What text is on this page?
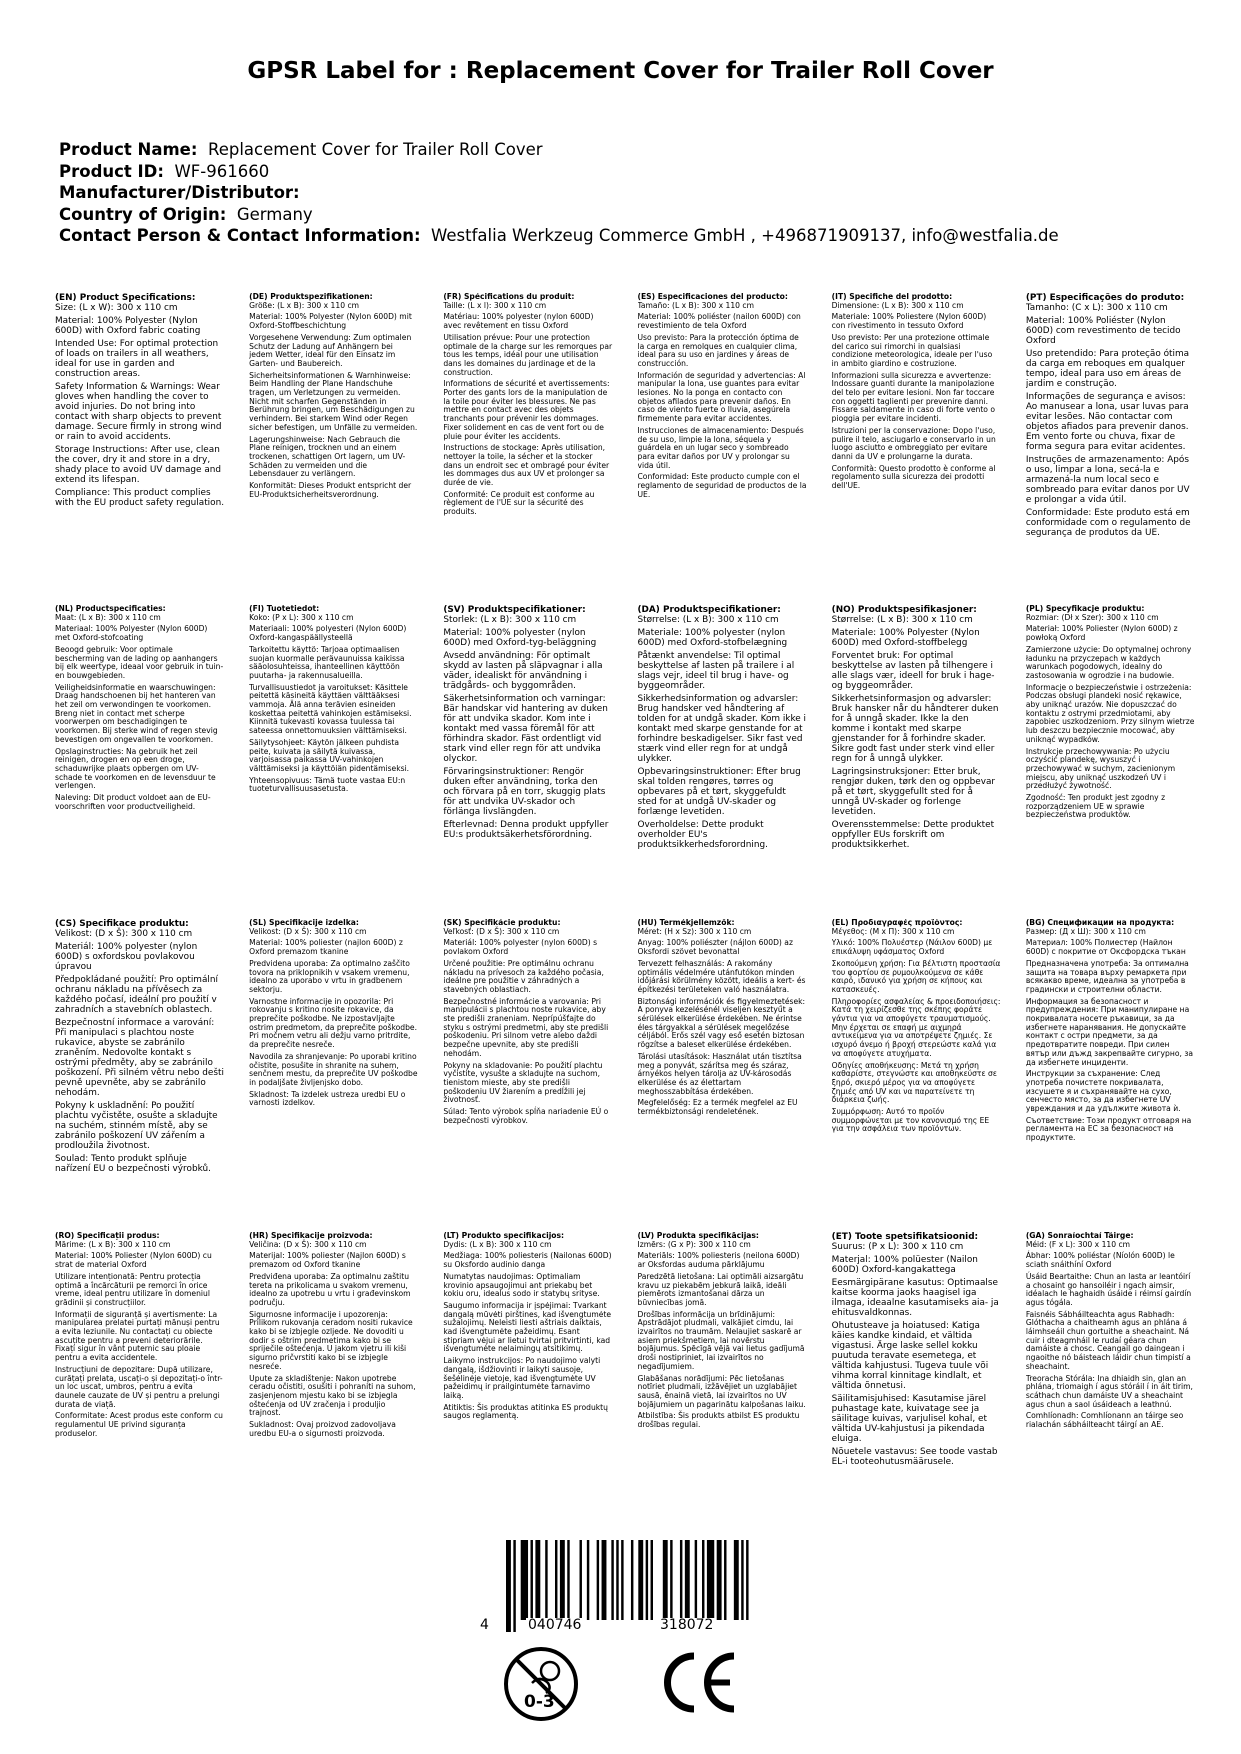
GPSR Label for : Replacement Cover for Trailer Roll Cover
Product Name: Replacement Cover for Trailer Roll Cover
Product ID: WF-961660
Manufacturer/Distributor:
Country of Origin: Germany
Contact Person & Contact Information: Westfalia Werkzeug Commerce GmbH , +496871909137, info@westfalia.de
(EN) Product Specifications:

Size: (L x W): 300 x 110 cm

Material: 100% Polyester (Nylon 600D) with Oxford fabric coating

Intended Use: For optimal protection of loads on trailers in all weathers, ideal for use in garden and construction areas.

Safety Information & Warnings: Wear gloves when handling the cover to avoid injuries. Do not bring into contact with sharp objects to prevent damage. Secure firmly in strong wind or rain to avoid accidents.

Storage Instructions: After use, clean the cover, dry it and store in a dry, shady place to avoid UV damage and extend its lifespan.

Compliance: This product complies with the EU product safety regulation.

(DE) Produktspezifikationen:

Größe: (L x B): 300 x 110 cm

Material: 100% Polyester (Nylon 600D) mit Oxford-Stoffbeschichtung

Vorgesehene Verwendung: Zum optimalen Schutz der Ladung auf Anhängern bei jedem Wetter, ideal für den Einsatz im Garten- und Baubereich.

Sicherheitsinformationen & Warnhinweise: Beim Handling der Plane Handschuhe tragen, um Verletzungen zu vermeiden. Nicht mit scharfen Gegenständen in Berührung bringen, um Beschädigungen zu verhindern. Bei starkem Wind oder Regen sicher befestigen, um Unfälle zu vermeiden.

Lagerungshinweise: Nach Gebrauch die Plane reinigen, trocknen und an einem trockenen, schattigen Ort lagern, um UV-Schäden zu vermeiden und die Lebensdauer zu verlängern.

Konformität: Dieses Produkt entspricht der EU-Produktsicherheitsverordnung.

(FR) Spécifications du produit:

Taille: (L x l): 300 x 110 cm

Matériau: 100% polyester (nylon 600D) avec revêtement en tissu Oxford

Utilisation prévue: Pour une protection optimale de la charge sur les remorques par tous les temps, idéal pour une utilisation dans les domaines du jardinage et de la construction.

Informations de sécurité et avertissements: Porter des gants lors de la manipulation de la toile pour éviter les blessures. Ne pas mettre en contact avec des objets tranchants pour prévenir les dommages. Fixer solidement en cas de vent fort ou de pluie pour éviter les accidents.

Instructions de stockage: Après utilisation, nettoyer la toile, la sécher et la stocker dans un endroit sec et ombragé pour éviter les dommages dus aux UV et prolonger sa durée de vie.

Conformité: Ce produit est conforme au règlement de l'UE sur la sécurité des produits.

(ES) Especificaciones del producto:

Tamaño: (L x B): 300 x 110 cm

Material: 100% poliéster (nailon 600D) con revestimiento de tela Oxford

Uso previsto: Para la protección óptima de la carga en remolques en cualquier clima, ideal para su uso en jardines y áreas de construcción.

Información de seguridad y advertencias: Al manipular la lona, use guantes para evitar lesiones. No la ponga en contacto con objetos afilados para prevenir daños. En caso de viento fuerte o lluvia, asegúrela firmemente para evitar accidentes.

Instrucciones de almacenamiento: Después de su uso, limpie la lona, séquela y guárdela en un lugar seco y sombreado para evitar daños por UV y prolongar su vida útil.

Conformidad: Este producto cumple con el reglamento de seguridad de productos de la UE.

(IT) Specifiche del prodotto:

Dimensione: (L x B): 300 x 110 cm

Materiale: 100% Poliestere (Nylon 600D) con rivestimento in tessuto Oxford

Uso previsto: Per una protezione ottimale del carico sui rimorchi in qualsiasi condizione meteorologica, ideale per l'uso in ambito giardino e costruzione.

Informazioni sulla sicurezza e avvertenze: Indossare guanti durante la manipolazione del telo per evitare lesioni. Non far toccare con oggetti taglienti per prevenire danni. Fissare saldamente in caso di forte vento o pioggia per evitare incidenti.

Istruzioni per la conservazione: Dopo l'uso, pulire il telo, asciugarlo e conservarlo in un luogo asciutto e ombreggiato per evitare danni da UV e prolungarne la durata.

Conformità: Questo prodotto è conforme al regolamento sulla sicurezza dei prodotti dell'UE.

(PT) Especificações do produto:

Tamanho: (C x L): 300 x 110 cm

Material: 100% Poliéster (Nylon 600D) com revestimento de tecido Oxford

Uso pretendido: Para proteção ótima da carga em reboques em qualquer tempo, ideal para uso em áreas de jardim e construção.

Informações de segurança e avisos: Ao manusear a lona, usar luvas para evitar lesões. Não contactar com objetos afiados para prevenir danos. Em vento forte ou chuva, fixar de forma segura para evitar acidentes.

Instruções de armazenamento: Após o uso, limpar a lona, secá-la e armazená-la num local seco e sombreado para evitar danos por UV e prolongar a vida útil.

Conformidade: Este produto está em conformidade com o regulamento de segurança de produtos da UE.

(NL) Productspecificaties:

Maat: (L x B): 300 x 110 cm

Materiaal: 100% Polyester (Nylon 600D) met Oxford-stofcoating

Beoogd gebruik: Voor optimale bescherming van de lading op aanhangers bij elk weertype, ideaal voor gebruik in tuin- en bouwgebieden.

Veiligheidsinformatie en waarschuwingen: Draag handschoenen bij het hanteren van het zeil om verwondingen te voorkomen. Breng niet in contact met scherpe voorwerpen om beschadigingen te voorkomen. Bij sterke wind of regen stevig bevestigen om ongevallen te voorkomen.

Opslaginstructies: Na gebruik het zeil reinigen, drogen en op een droge, schaduwrijke plaats opbergen om UV-schade te voorkomen en de levensduur te verlengen.

Naleving: Dit product voldoet aan de EU-voorschriften voor productveiligheid.

(FI) Tuotetiedot:

Koko: (P x L): 300 x 110 cm

Materiaali: 100% polyesteri (Nylon 600D) Oxford-kangaspäällysteellä

Tarkoitettu käyttö: Tarjoaa optimaalisen suojan kuormalle perävaunuissa kaikissa sääolosuhteissa, ihanteellinen käyttöön puutarha- ja rakennusalueilla.

Turvallisuustiedot ja varoitukset: Käsittele peitettä käsineitä käyttäen välttääksesi vammoja. Älä anna terävien esineiden koskettaa peitettä vahinkojen estämiseksi. Kiinnitä tukevasti kovassa tuulessa tai sateessa onnettomuuksien välttämiseksi.

Säilytysohjeet: Käytön jälkeen puhdista peite, kuivata ja säilytä kuivassa, varjoisassa paikassa UV-vahinkojen välttämiseksi ja käyttöiän pidentämiseksi.

Yhteensopivuus: Tämä tuote vastaa EU:n tuoteturvallisuusasetusta.

(SV) Produktspecifikationer:

Storlek: (L x B): 300 x 110 cm

Material: 100% polyester (nylon 600D) med Oxford-tyg-beläggning

Avsedd användning: För optimalt skydd av lasten på släpvagnar i alla väder, idealiskt för användning i trädgårds- och byggområden.

Säkerhetsinformation och varningar: Bär handskar vid hantering av duken för att undvika skador. Kom inte i kontakt med vassa föremål för att förhindra skador. Fäst ordentligt vid stark vind eller regn för att undvika olyckor.

Förvaringsinstruktioner: Rengör duken efter användning, torka den och förvara på en torr, skuggig plats för att undvika UV-skador och förlänga livslängden.

Efterlevnad: Denna produkt uppfyller EU:s produktsäkerhetsförordning.

(DA) Produktspecifikationer:

Størrelse: (L x B): 300 x 110 cm

Materiale: 100% polyester (nylon 600D) med Oxford-stofbelægning

Påtænkt anvendelse: Til optimal beskyttelse af lasten på trailere i al slags vejr, ideel til brug i have- og byggeområder.

Sikkerhedsinformation og advarsler: Brug handsker ved håndtering af tolden for at undgå skader. Kom ikke i kontakt med skarpe genstande for at forhindre beskadigelser. Sikr fast ved stærk vind eller regn for at undgå ulykker.

Opbevaringsinstruktioner: Efter brug skal tolden rengøres, tørres og opbevares på et tørt, skyggefuldt sted for at undgå UV-skader og forlænge levetiden.

Overholdelse: Dette produkt overholder EU's produktsikkerhedsforordning.

(NO) Produktspesifikasjoner:

Størrelse: (L x B): 300 x 110 cm

Materiale: 100% Polyester (Nylon 600D) med Oxford-stoffbelegg

Forventet bruk: For optimal beskyttelse av lasten på tilhengere i alle slags vær, ideell for bruk i hage- og byggeområder.

Sikkerhetsinformasjon og advarsler: Bruk hansker når du håndterer duken for å unngå skader. Ikke la den komme i kontakt med skarpe gjenstander for å forhindre skader. Sikre godt fast under sterk vind eller regn for å unngå ulykker.

Lagringsinstruksjoner: Etter bruk, rengjør duken, tørk den og oppbevar på et tørt, skyggefullt sted for å unngå UV-skader og forlenge levetiden.

Overensstemmelse: Dette produktet oppfyller EUs forskrift om produktsikkerhet.

(PL) Specyfikacje produktu:

Rozmiar: (Dł x Szer): 300 x 110 cm

Materiał: 100% Poliester (Nylon 600D) z powłoką Oxford

Zamierzone użycie: Do optymalnej ochrony ładunku na przyczepach w każdych warunkach pogodowych, idealny do zastosowania w ogrodzie i na budowie.

Informacje o bezpieczeństwie i ostrzeżenia: Podczas obsługi plandeki nosić rękawice, aby uniknąć urazów. Nie dopuszczać do kontaktu z ostrymi przedmiotami, aby zapobiec uszkodzeniom. Przy silnym wietrze lub deszczu bezpiecznie mocować, aby uniknąć wypadków.

Instrukcje przechowywania: Po użyciu oczyścić plandekę, wysuszyć i przechowywać w suchym, zacienionym miejscu, aby uniknąć uszkodzeń UV i przedłużyć żywotność.

Zgodność: Ten produkt jest zgodny z rozporządzeniem UE w sprawie bezpieczeństwa produktów.

(CS) Specifikace produktu:

Velikost: (D x Š): 300 x 110 cm

Materiál: 100% polyester (nylon 600D) s oxfordskou povlakovou úpravou

Předpokládané použití: Pro optimální ochranu nákladu na přívěsech za každého počasí, ideální pro použití v zahradních a stavebních oblastech.

Bezpečnostní informace a varování: Při manipulaci s plachtou noste rukavice, abyste se zabránilo zraněním. Nedovolte kontakt s ostrými předměty, aby se zabránilo poškození. Při silném větru nebo dešti pevně upevněte, aby se zabránilo nehodám.

Pokyny k uskladnění: Po použití plachtu vyčistěte, osušte a skladujte na suchém, stinném místě, aby se zabránilo poškození UV zářením a prodloužila životnost.

Soulad: Tento produkt splňuje nařízení EU o bezpečnosti výrobků.

(SL) Specifikacije izdelka:

Velikost: (D x Š): 300 x 110 cm

Material: 100% poliester (najlon 600D) z Oxford premazom tkanine

Predvidena uporaba: Za optimalno zaščito tovora na priklopnikih v vsakem vremenu, idealno za uporabo v vrtu in gradbenem sektorju.

Varnostne informacije in opozorila: Pri rokovanju s kritino nosite rokavice, da preprečite poškodbe. Ne izpostavljajte ostrim predmetom, da preprečite poškodbe. Pri močnem vetru ali dežju varno pritrdite, da preprečite nesreče.

Navodila za shranjevanje: Po uporabi kritino očistite, posušite in shranite na suhem, senčnem mestu, da preprečite UV poškodbe in podaljšate življenjsko dobo.

Skladnost: Ta izdelek ustreza uredbi EU o varnosti izdelkov.

(SK) Špecifikácie produktu:

Veľkosť: (D x Š): 300 x 110 cm

Materiál: 100% polyester (nylon 600D) s povlakom Oxford

Určené použitie: Pre optimálnu ochranu nákladu na prívesoch za každého počasia, ideálne pre použitie v záhradných a stavebných oblastiach.

Bezpečnostné informácie a varovania: Pri manipulácii s plachtou noste rukavice, aby ste predišli zraneniam. Neprípúšťajte do styku s ostrými predmetmi, aby ste predišli poškodeniu. Pri silnom vetre alebo daždi bezpečne upevnite, aby ste predišli nehodám.

Pokyny na skladovanie: Po použití plachtu vyčistite, vysušte a skladujte na suchom, tienistom mieste, aby ste predišli poškodeniu UV žiarením a predĺžili jej životnosť.

Súlad: Tento výrobok spĺňa nariadenie EÚ o bezpečnosti výrobkov.

(HU) Termékjellemzők:

Méret: (H x Sz): 300 x 110 cm

Anyag: 100% poliészter (nájlon 600D) az Oksfordi szövet bevonattal

Tervezett felhasználás: A rakomány optimális védelmére utánfutókon minden időjárási körülmény között, ideális a kert- és építkezési területeken való használatra.

Biztonsági információk és figyelmeztetések: A ponyva kezelésénél viseljen kesztyűt a sérülések elkerülése érdekében. Ne érintse éles tárgyakkal a sérülések megelőzése céljából. Erős szél vagy eső esetén biztosan rögzítse a baleset elkerülése érdekében.

Tárolási utasítások: Használat után tisztítsa meg a ponyvát, szárítsa meg és száraz, árnyékos helyen tárolja az UV-károsodás elkerülése és az élettartam meghosszabbítása érdekében.

Megfelelőség: Ez a termék megfelel az EU termékbiztonsági rendeletének.

(EL) Προδιαγραφές προϊόντος:

Μέγεθος: (Μ x Π): 300 x 110 cm

Υλικό: 100% Πολυέστερ (Νάιλον 600D) με επικάλυψη υφάσματος Oxford

Σκοπούμενη χρήση: Για βέλτιστη προστασία του φορτίου σε ρυμουλκούμενα σε κάθε καιρό, ιδανικό για χρήση σε κήπους και κατασκευές.

Πληροφορίες ασφαλείας & προειδοποιήσεις: Κατά τη χειρίζεσθε της σκέπης φοράτε γάντια για να αποφύγετε τραυματισμούς. Μην έρχεται σε επαφή με αιχμηρά αντικείμενα για να αποτρέψετε ζημιές. Σε ισχυρό άνεμο ή βροχή στερεώστε καλά για να αποφύγετε ατυχήματα.

Οδηγίες αποθήκευσης: Μετά τη χρήση καθαρίστε, στεγνώστε και αποθηκεύστε σε ξηρό, σκιερό μέρος για να αποφύγετε ζημιές από UV και να παρατείνετε τη διάρκεια ζωής.

Συμμόρφωση: Αυτό το προϊόν συμμορφώνεται με τον κανονισμό της ΕΕ για την ασφάλεια των προϊόντων.

(BG) Спецификации на продукта:

Размер: (Д x Ш): 300 x 110 cm

Материал: 100% Полиестер (Найлон 600D) с покритие от Оксфордска тъкан

Предназначена употреба: За оптимална защита на товара върху ремаркета при всякакво време, идеална за употреба в градински и строителни области.

Информация за безопасност и предупреждения: При манипулиране на покривалата носете ръкавици, за да избегнете наранявания. Не допускайте контакт с остри предмети, за да предотвратите повреди. При силен вятър или дъжд закрепвайте сигурно, за да избегнете инциденти.

Инструкции за съхранение: След употреба почистете покривалата, изсушете я и съхранявайте на сухо, сенчесто място, за да избегнете UV увреждания и да удължите живота ѝ.

Съответствие: Този продукт отговаря на регламента на ЕС за безопасност на продуктите.

(RO) Specificații produs:

Mărime: (L x B): 300 x 110 cm

Material: 100% Poliester (Nylon 600D) cu strat de material Oxford

Utilizare intenționată: Pentru protecția optimă a încărcăturii pe remorci în orice vreme, ideal pentru utilizare în domeniul grădinii și construcțiilor.

Informații de siguranță și avertismente: La manipularea prelatei purtați mănuși pentru a evita leziunile. Nu contactați cu obiecte ascuțite pentru a preveni deteriorările. Fixați sigur în vânt puternic sau ploaie pentru a evita accidentele.

Instrucțiuni de depozitare: După utilizare, curățați prelata, uscați-o și depozitați-o într-un loc uscat, umbros, pentru a evita daunele cauzate de UV și pentru a prelungi durata de viață.

Conformitate: Acest produs este conform cu regulamentul UE privind siguranța produselor.

(HR) Specifikacije proizvoda:

Veličina: (D x Š): 300 x 110 cm

Materijal: 100% poliester (Najlon 600D) s premazom od Oxford tkanine

Predviđena uporaba: Za optimalnu zaštitu tereta na prikolicama u svakom vremenu, idealno za upotrebu u vrtu i građevinskom području.

Sigurnosne informacije i upozorenja: Prilikom rukovanja ceradom nositi rukavice kako bi se izbjegle ozljede. Ne dovoditi u dodir s oštrim predmetima kako bi se spriječile oštećenja. U jakom vjetru ili kiši sigurno pričvrstiti kako bi se izbjegle nesreće.

Upute za skladištenje: Nakon upotrebe ceradu očistiti, osušiti i pohraniti na suhom, zasjenjenom mjestu kako bi se izbjegla oštećenja od UV zračenja i produljio trajnost.

Sukladnost: Ovaj proizvod zadovoljava uredbu EU-a o sigurnosti proizvoda.

(LT) Produkto specifikacijos:

Dydis: (L x B): 300 x 110 cm

Medžiaga: 100% poliesteris (Nailonas 600D) su Oksfordo audinio danga

Numatytas naudojimas: Optimaliam krovinio apsaugojimui ant priekabų bet kokiu oru, idealus sodo ir statybų srityse.

Saugumo informacija ir įspėjimai: Tvarkant dangalą mūvėti pirštines, kad išvengtumėte sužalojimų. Neleisti liesti aštriais daiktais, kad išvengtumėte pažeidimų. Esant stipriam vėjui ar lietui tvirtai pritvirtinti, kad išvengtumėte nelaimingų atsitikimų.

Laikymo instrukcijos: Po naudojimo valyti dangalą, išdžiovinti ir laikyti sausoje, šešėlinėje vietoje, kad išvengtumėte UV pažeidimų ir prailgintumėte tarnavimo laiką.

Atitiktis: Šis produktas atitinka ES produktų saugos reglamentą.

(LV) Produkta specifikācijas:

Izmērs: (G x P): 300 x 110 cm

Materiāls: 100% poliesteris (neilona 600D) ar Oksfordas auduma pārklājumu

Paredzētā lietošana: Lai optimāli aizsargātu kravu uz piekabēm jebkurā laikā, ideāli piemērots izmantošanai dārza un būvniecības jomā.

Drošības informācija un brīdinājumi: Apstrādājot pludmali, valkājiet cimdu, lai izvairītos no traumām. Nelaujiet saskarē ar asiem priekšmetiem, lai novērstu bojājumus. Spēcīgā vējā vai lietus gadījumā droši nostipriniet, lai izvairītos no negadījumiem.

Glabāšanas norādījumi: Pēc lietošanas notīriet pludmali, izžāvējiet un uzglabājiet sausā, ēnainā vietā, lai izvairītos no UV bojājumiem un pagarinātu kalpošanas laiku.

Atbilstība: Šis produkts atbilst ES produktu drošības regulai.

(ET) Toote spetsifikatsioonid:

Suurus: (P x L): 300 x 110 cm

Materjal: 100% polüester (Nailon 600D) Oxford-kangakattega

Eesmärgipärane kasutus: Optimaalse kaitse koorma jaoks haagisel iga ilmaga, ideaalne kasutamiseks aia- ja ehitusvaldkonnas.

Ohutusteave ja hoiatused: Katiga käies kandke kindaid, et vältida vigastusi. Ärge laske sellel kokku puutuda teravate esemetega, et vältida kahjustusi. Tugeva tuule või vihma korral kinnitage kindlalt, et vältida õnnetusi.

Säilitamisjuhised: Kasutamise järel puhastage kate, kuivatage see ja säilitage kuivas, varjulisel kohal, et vältida UV-kahjustusi ja pikendada eluiga.

Nõuetele vastavus: See toode vastab EL-i tooteohutusmäärusele.

(GA) Sonraíochtaí Táirge:

Méid: (F x L): 300 x 110 cm

Ábhar: 100% poliéstar (Níolón 600D) le sciath snáithíní Oxford

Úsáid Beartaithe: Chun an lasta ar leantóirí a chosaint go hansoiléir i ngach aimsir, idéalach le haghaidh úsáide i réimsí gairdín agus tógála.

Faisnéis Sábháilteachta agus Rabhadh: Glóthacha a chaitheamh agus an phlána á láimhseáil chun gortuithe a sheachaint. Ná cuir i dteagmháil le rudaí géara chun damáiste a chosc. Ceangail go daingean i ngaoithe nó báisteach láidir chun timpistí a sheachaint.

Treoracha Stórála: Ina dhiaidh sin, glan an phlána, triomaigh í agus stóráil í in áit tirim, scáthach chun damáiste UV a sheachaint agus chun a saol úsáideach a leathnú.

Comhlíonadh: Comhlíonann an táirge seo rialachán sábháilteacht táirgí an AE.

4	040746	318072
0-3
